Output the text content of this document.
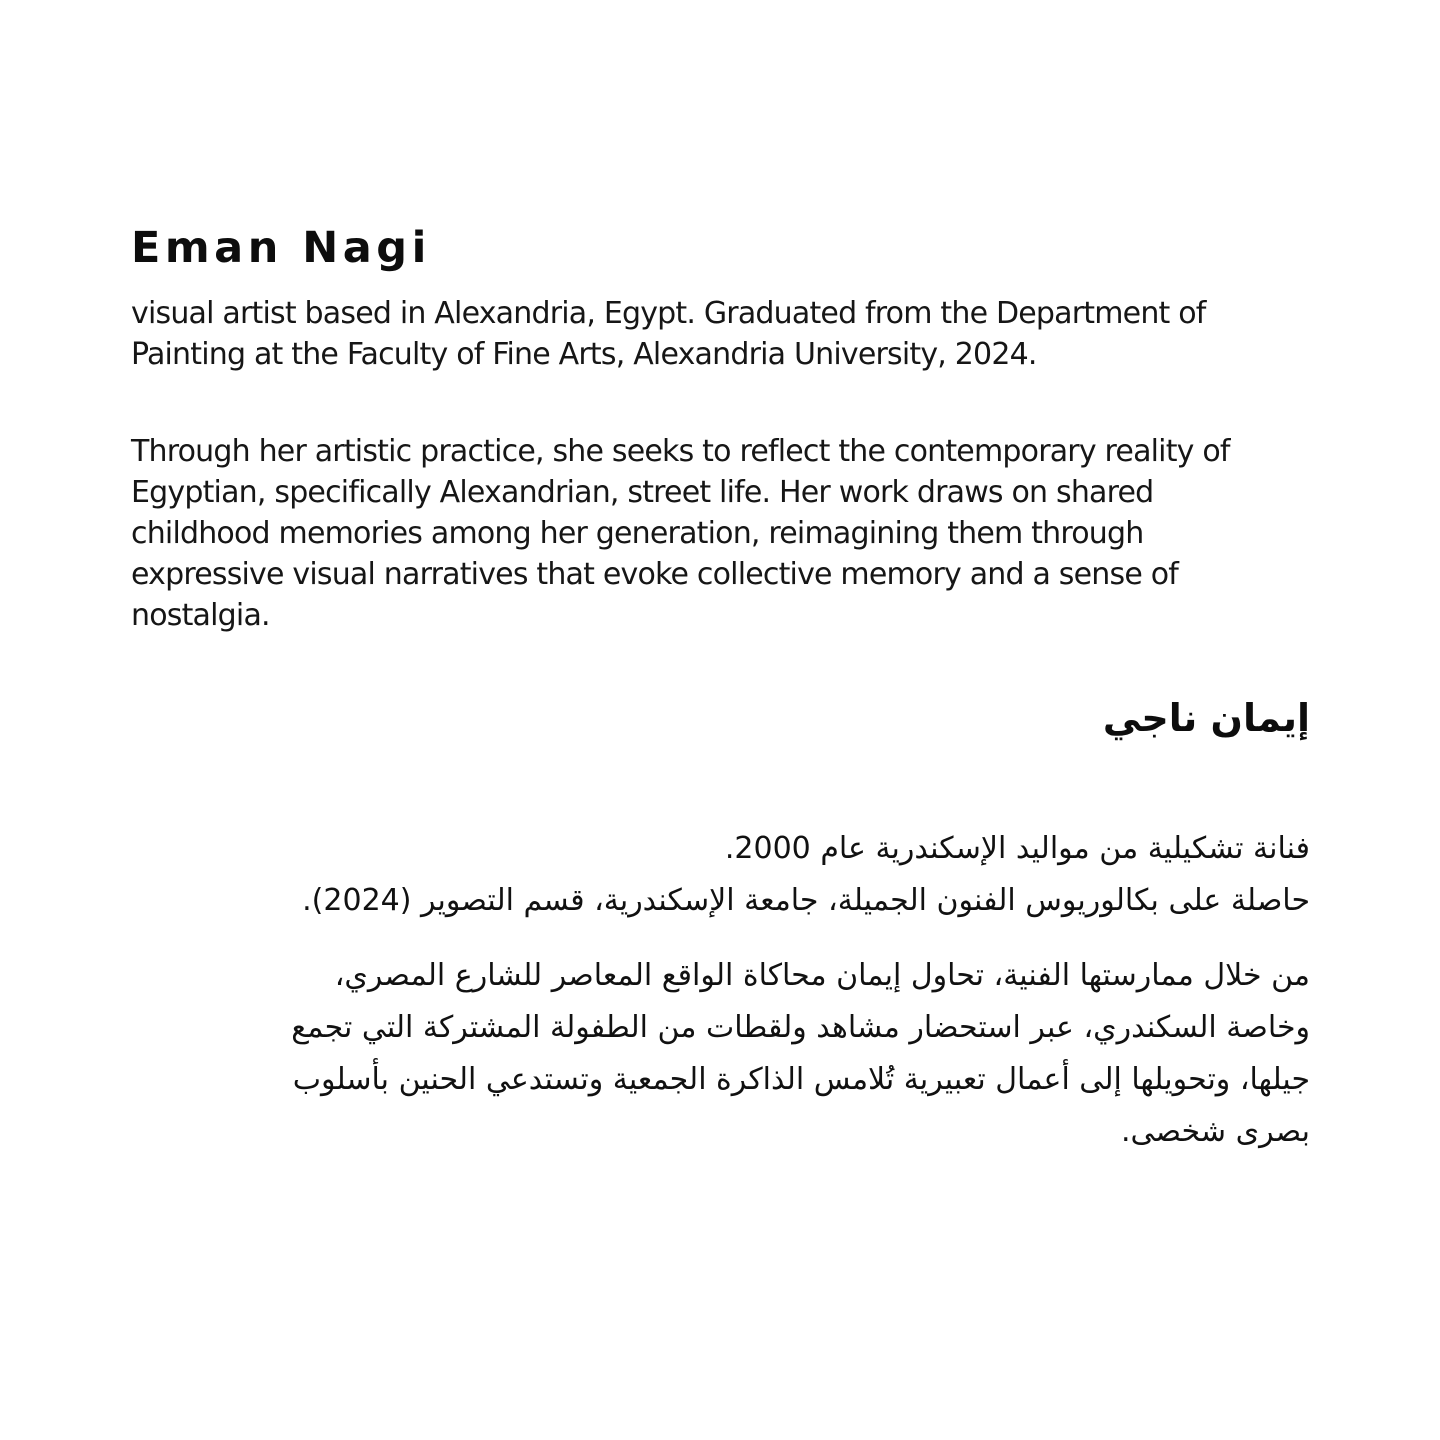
Eman Nagi

visual artist based in Alexandria, Egypt. Graduated from the Department of
Painting at the Faculty of Fine Arts, Alexandria University, 2024.

Through her artistic practice, she seeks to reflect the contemporary reality of
Egyptian, specifically Alexandrian, street life. Her work draws on shared
childhood memories among her generation, reimagining them through
expressive visual narratives that evoke collective memory and a sense of
nostalgia.

إيمان ناجي

فنانة تشكيلية من مواليد الإسكندرية عام 2000.
حاصلة على بكالوريوس الفنون الجميلة، جامعة الإسكندرية، قسم التصوير (2024).

من خلال ممارستها الفنية، تحاول إيمان محاكاة الواقع المعاصر للشارع المصري،
وخاصة السكندري، عبر استحضار مشاهد ولقطات من الطفولة المشتركة التي تجمع
جيلها، وتحويلها إلى أعمال تعبيرية تُلامس الذاكرة الجمعية وتستدعي الحنين بأسلوب
بصرى شخصى.
